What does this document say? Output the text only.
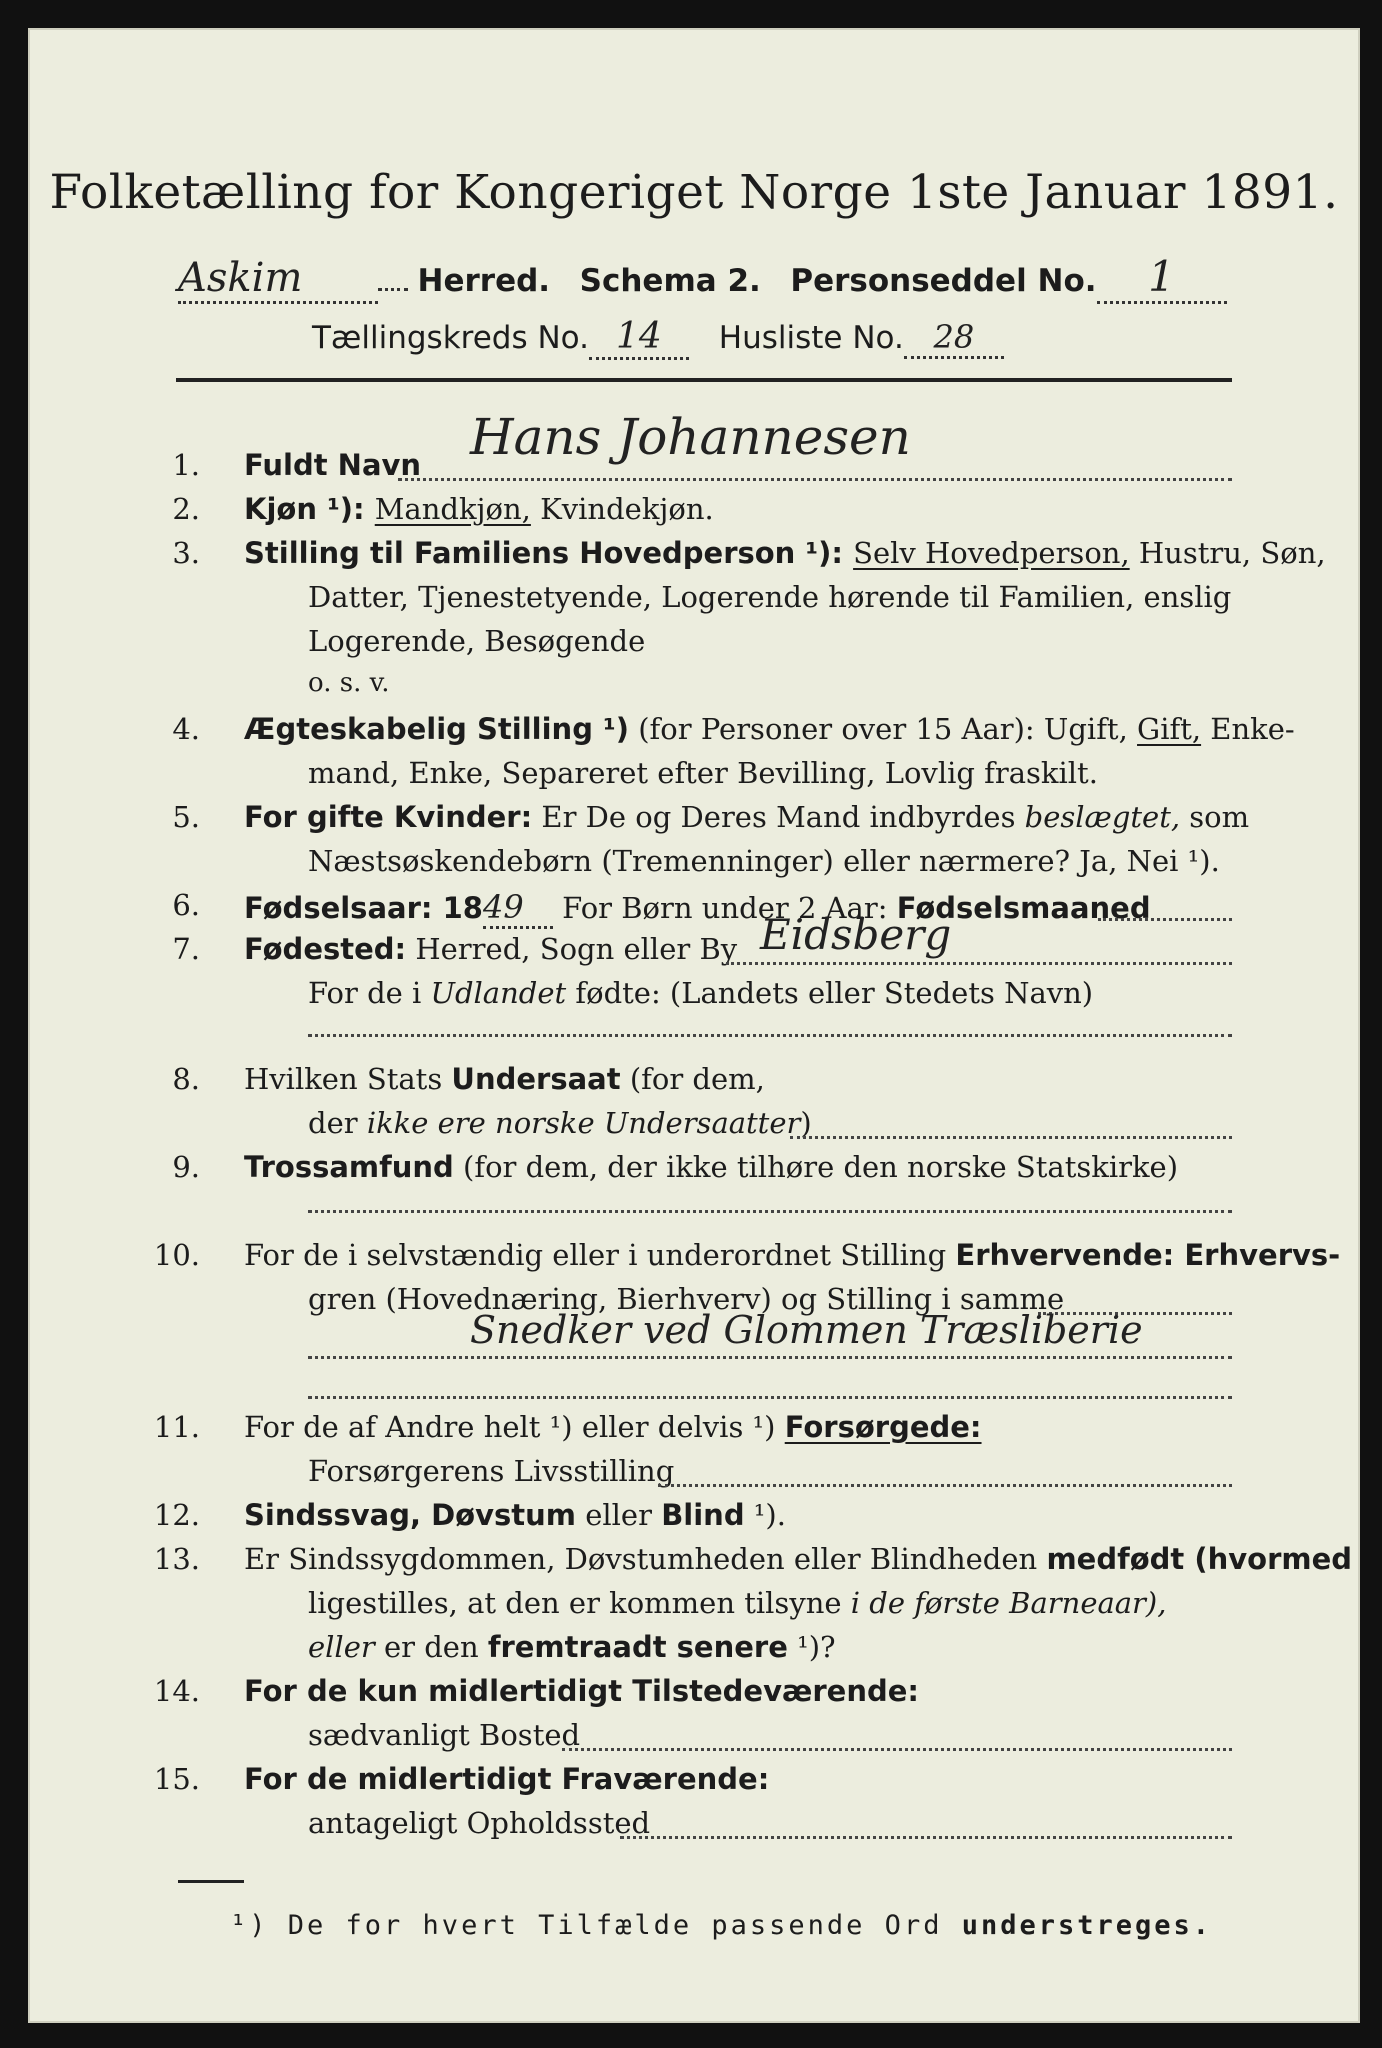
Folketælling for Kongeriget Norge 1ste Januar 1891.
Askim	Herred. Schema 2. Personseddel No. 1
Tællingskreds No. 14 Husliste No. 28
1. Fuldt Navn Hans Johannesen
2. Kjøn ¹): Mandkjøn, Kvindekjøn.
3. Stilling til Familiens Hovedperson ¹): Selv Hovedperson, Hustru, Søn,
Datter, Tjenestetyende, Logerende hørende til Familien, enslig
Logerende, Besøgende
o. s. v.
4. Ægteskabelig Stilling ¹) (for Personer over 15 Aar): Ugift, Gift, Enke-
mand, Enke, Separeret efter Bevilling, Lovlig fraskilt.
5. For gifte Kvinder: Er De og Deres Mand indbyrdes beslægtet, som
Næstsøskendebørn (Tremenninger) eller nærmere? Ja, Nei ¹).
6. Fødselsaar: 1849 For Børn under 2 Aar: Fødselsmaaned
7. Fødested: Herred, Sogn eller By Eidsberg
For de i Udlandet fødte: (Landets eller Stedets Navn)
8. Hvilken Stats Undersaat (for dem,
der ikke ere norske Undersaatter)
9. Trossamfund (for dem, der ikke tilhøre den norske Statskirke)
10. For de i selvstændig eller i underordnet Stilling Erhvervende: Erhvervs-
gren (Hovednæring, Bierhverv) og Stilling i samme
Snedker ved Glommen Træsliberie
11. For de af Andre helt ¹) eller delvis ¹) Forsørgede:
Forsørgerens Livsstilling
12. Sindssvag, Døvstum eller Blind ¹).
13. Er Sindssygdommen, Døvstumheden eller Blindheden medfødt (hvormed
ligestilles, at den er kommen tilsyne i de første Barneaar),
eller er den fremtraadt senere ¹)?
14. For de kun midlertidigt Tilstedeværende:
sædvanligt Bosted
15. For de midlertidigt Fraværende:
antageligt Opholdssted
¹) De for hvert Tilfælde passende Ord understreges.
